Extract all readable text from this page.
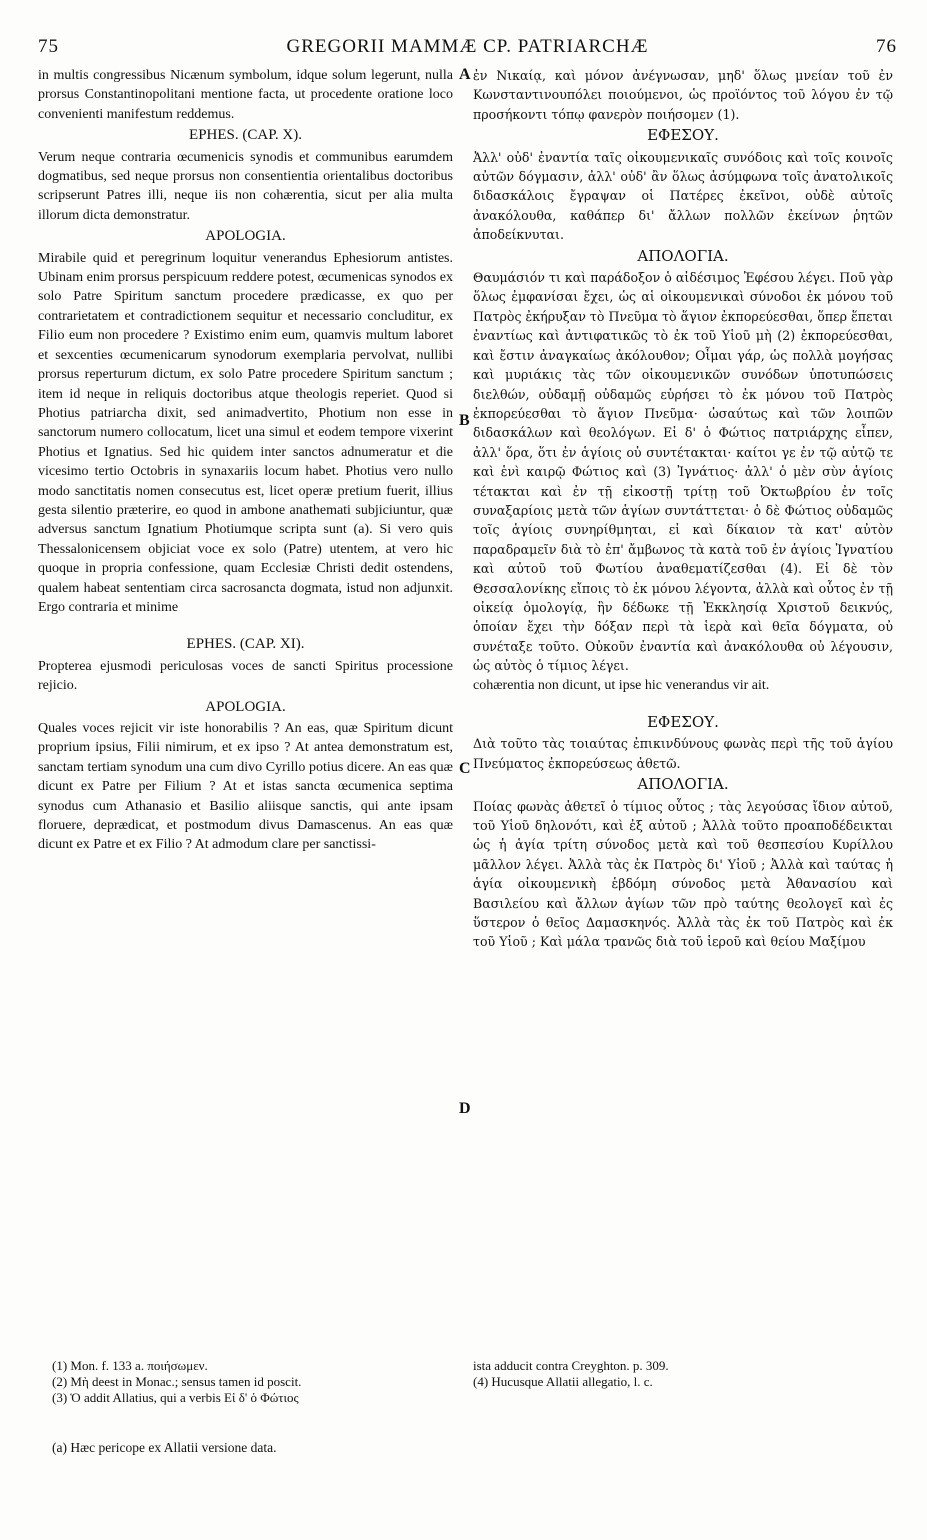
75	GREGORII MAMMÆ CP. PATRIARCHÆ	76
A
B
C
D

in multis congressibus Nicænum symbolum, idque solum legerunt, nulla prorsus Constantinopolitani mentione facta, ut procedente oratione loco convenienti manifestum reddemus.

EPHES. (CAP. X).

Verum neque contraria œcumenicis synodis et communibus earumdem dogmatibus, sed neque prorsus non consentientia orientalibus doctoribus scripserunt Patres illi, neque iis non cohærentia, sicut per alia multa illorum dicta demonstratur.

APOLOGIA.

Mirabile quid et peregrinum loquitur venerandus Ephesiorum antistes. Ubinam enim prorsus perspicuum reddere potest, œcumenicas synodos ex solo Patre Spiritum sanctum procedere prædicasse, ex quo per contrarietatem et contradictionem sequitur et necessario concluditur, ex Filio eum non procedere ? Existimo enim eum, quamvis multum laboret et sexcenties œcumenicarum synodorum exemplaria pervolvat, nullibi prorsus reperturum dictum, ex solo Patre procedere Spiritum sanctum ; item id neque in reliquis doctoribus atque theologis reperiet. Quod si Photius patriarcha dixit, sed animadvertito, Photium non esse in sanctorum numero collocatum, licet una simul et eodem tempore vixerint Photius et Ignatius. Sed hic quidem inter sanctos adnumeratur et die vicesimo tertio Octobris in synaxariis locum habet. Photius vero nullo modo sanctitatis nomen consecutus est, licet operæ pretium fuerit, illius gesta silentio præterire, eo quod in ambone anathemati subjiciuntur, quæ adversus sanctum Ignatium Photiumque scripta sunt (a). Si vero quis Thessalonicensem objiciat voce ex solo (Patre) utentem, at vero hic quoque in propria confessione, quam Ecclesiæ Christi dedit ostendens, qualem habeat sententiam circa sacrosancta dogmata, istud non adjunxit. Ergo contraria et minime

EPHES. (CAP. XI).

Propterea ejusmodi periculosas voces de sancti Spiritus processione rejicio.

APOLOGIA.

Quales voces rejicit vir iste honorabilis ? An eas, quæ Spiritum dicunt proprium ipsius, Filii nimirum, et ex ipso ? At antea demonstratum est, sanctam tertiam synodum una cum divo Cyrillo potius dicere. An eas quæ dicunt ex Patre per Filium ? At et istas sancta œcumenica septima synodus cum Athanasio et Basilio aliisque sanctis, qui ante ipsam floruere, deprædicat, et postmodum divus Damascenus. An eas quæ dicunt ex Patre et ex Filio ? At admodum clare per sanctissi-

ἐν Νικαίᾳ, καὶ μόνον ἀνέγνωσαν, μηδ' ὅλως μνείαν τοῦ ἐν Κωνσταντινουπόλει ποιούμενοι, ὡς προϊόντος τοῦ λόγου ἐν τῷ προσήκοντι τόπῳ φανερὸν ποιήσομεν (1).

ΕΦΕΣΟΥ.

Ἀλλ' οὐδ' ἐναντία ταῖς οἰκουμενικαῖς συνόδοις καὶ τοῖς κοινοῖς αὐτῶν δόγμασιν, ἀλλ' οὐδ' ἂν ὅλως ἀσύμφωνα τοῖς ἀνατολικοῖς διδασκάλοις ἔγραψαν οἱ Πατέρες ἐκεῖνοι, οὐδὲ αὐτοῖς ἀνακόλουθα, καθάπερ δι' ἄλλων πολλῶν ἐκείνων ῥητῶν ἀποδείκνυται.

ΑΠΟΛΟΓΙΑ.

Θαυμάσιόν τι καὶ παράδοξον ὁ αἰδέσιμος Ἐφέσου λέγει. Ποῦ γὰρ ὅλως ἐμφανίσαι ἔχει, ὡς αἱ οἰκουμενικαὶ σύνοδοι ἐκ μόνου τοῦ Πατρὸς ἐκήρυξαν τὸ Πνεῦμα τὸ ἅγιον ἐκπορεύεσθαι, ὅπερ ἕπεται ἐναντίως καὶ ἀντιφατικῶς τὸ ἐκ τοῦ Υἱοῦ μὴ (2) ἐκπορεύεσθαι, καὶ ἔστιν ἀναγκαίως ἀκόλουθον; Οἶμαι γάρ, ὡς πολλὰ μογήσας καὶ μυριάκις τὰς τῶν οἰκουμενικῶν συνόδων ὑποτυπώσεις διελθών, οὐδαμῇ οὐδαμῶς εὑρήσει τὸ ἐκ μόνου τοῦ Πατρὸς ἐκπορεύεσθαι τὸ ἅγιον Πνεῦμα· ὡσαύτως καὶ τῶν λοιπῶν διδασκάλων καὶ θεολόγων. Εἰ δ' ὁ Φώτιος πατριάρχης εἶπεν, ἀλλ' ὅρα, ὅτι ἐν ἁγίοις οὐ συντέτακται· καίτοι γε ἐν τῷ αὐτῷ τε καὶ ἑνὶ καιρῷ Φώτιος καὶ (3) Ἰγνάτιος· ἀλλ' ὁ μὲν σὺν ἁγίοις τέτακται καὶ ἐν τῇ εἰκοστῇ τρίτῃ τοῦ Ὀκτωβρίου ἐν τοῖς συναξαρίοις μετὰ τῶν ἁγίων συντάττεται· ὁ δὲ Φώτιος οὐδαμῶς τοῖς ἁγίοις συνηρίθμηται, εἰ καὶ δίκαιον τὰ κατ' αὐτὸν παραδραμεῖν διὰ τὸ ἐπ' ἄμβωνος τὰ κατὰ τοῦ ἐν ἁγίοις Ἰγνατίου καὶ αὐτοῦ τοῦ Φωτίου ἀναθεματίζεσθαι (4). Εἰ δὲ τὸν Θεσσαλονίκης εἴποις τὸ ἐκ μόνου λέγοντα, ἀλλὰ καὶ οὗτος ἐν τῇ οἰκείᾳ ὁμολογίᾳ, ἣν δέδωκε τῇ Ἐκκλησίᾳ Χριστοῦ δεικνύς, ὁποίαν ἔχει τὴν δόξαν περὶ τὰ ἱερὰ καὶ θεῖα δόγματα, οὐ συνέταξε τοῦτο. Οὐκοῦν ἐναντία καὶ ἀνακόλουθα οὐ λέγουσιν, ὡς αὐτὸς ὁ τίμιος λέγει.

cohærentia non dicunt, ut ipse hic venerandus vir ait.

ΕΦΕΣΟΥ.

Διὰ τοῦτο τὰς τοιαύτας ἐπικινδύνους φωνὰς περὶ τῆς τοῦ ἁγίου Πνεύματος ἐκπορεύσεως ἀθετῶ.

ΑΠΟΛΟΓΙΑ.

Ποίας φωνὰς ἀθετεῖ ὁ τίμιος οὗτος ; τὰς λεγούσας ἴδιον αὐτοῦ, τοῦ Υἱοῦ δηλονότι, καὶ ἐξ αὐτοῦ ; Ἀλλὰ τοῦτο προαποδέδεικται ὡς ἡ ἁγία τρίτη σύνοδος μετὰ καὶ τοῦ θεσπεσίου Κυρίλλου μᾶλλον λέγει. Ἀλλὰ τὰς ἐκ Πατρὸς δι' Υἱοῦ ; Ἀλλὰ καὶ ταύτας ἡ ἁγία οἰκουμενικὴ ἑβδόμη σύνοδος μετὰ Ἀθανασίου καὶ Βασιλείου καὶ ἄλλων ἁγίων τῶν πρὸ ταύτης θεολογεῖ καὶ ἐς ὕστερον ὁ θεῖος Δαμασκηνός. Ἀλλὰ τὰς ἐκ τοῦ Πατρὸς καὶ ἐκ τοῦ Υἱοῦ ; Καὶ μάλα τρανῶς διὰ τοῦ ἱεροῦ καὶ θείου Μαξίμου

(1) Mon. f. 133 a. ποιήσωμεν.

(2) Μὴ deest in Monac.; sensus tamen id poscit.

(3) Ὁ addit Allatius, qui a verbis Εἰ δ' ὁ Φώτιος

ista adducit contra Creyghton. p. 309.

(4) Hucusque Allatii allegatio, l. c.

(a) Hæc pericope ex Allatii versione data.
